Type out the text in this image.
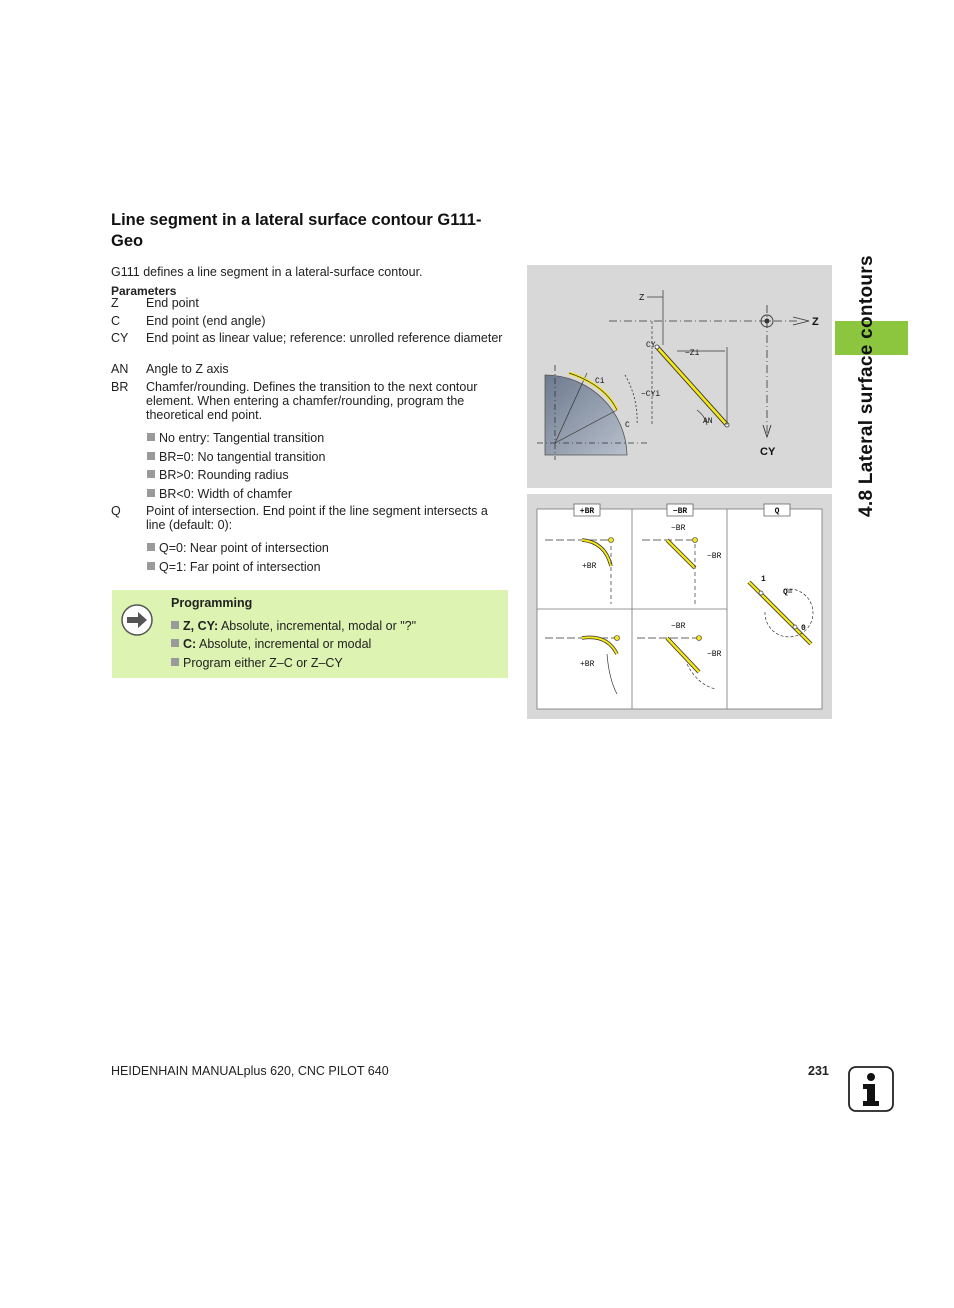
Line segment in a lateral surface contour G111-Geo
G111 defines a line segment in a lateral-surface contour.
Parameters
Z	End point
C	End point (end angle)
CY	End point as linear value; reference: unrolled reference diameter
AN	Angle to Z axis
BR	Chamfer/rounding. Defines the transition to the next contour element. When entering a chamfer/rounding, program the theoretical end point.
No entry: Tangential transition
BR=0: No tangential transition
BR>0: Rounding radius
BR<0: Width of chamfer
Q	Point of intersection. End point if the line segment intersects a line (default: 0):
Q=0: Near point of intersection
Q=1: Far point of intersection
Programming
Z, CY: Absolute, incremental, modal or "?"
C: Absolute, incremental or modal
Program either Z–C or Z–CY
Z
Z
CY
CY
−Zi
Ci
−CYi
C	AN
+BR	−BR	Q
+BR
−BR
−BR
+BR
−BR
−BR
1
Q=
0
4.8 Lateral surface contours
HEIDENHAIN MANUALplus 620, CNC PILOT 640	231
